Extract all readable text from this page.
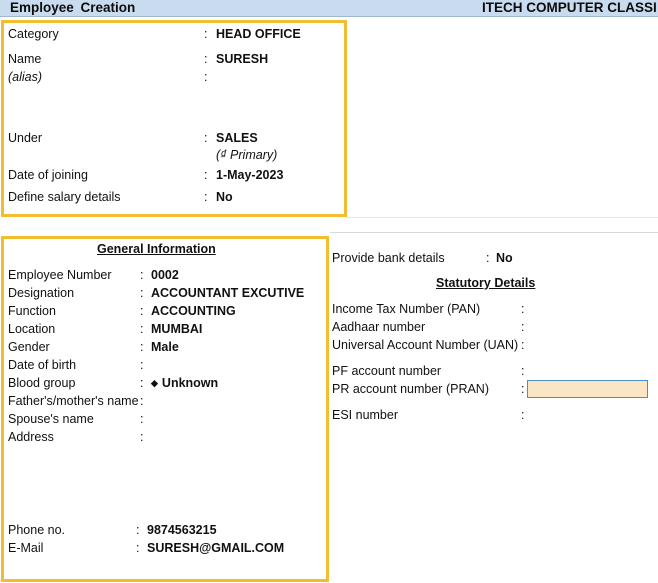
Employee Creation	ITECH COMPUTER CLASSI
Category	: HEAD OFFICE
Name	: SURESH
(alias)	:
Under	: SALES
(₫ Primary)
Date of joining	: 1-May-2023
Define salary details	: No
General Information
Employee Number : 0002
Designation	: ACCOUNTANT EXCUTIVE
Function	: ACCOUNTING
Location	: MUMBAI
Gender	: Male
Date of birth	:
Blood group	: ◆ Unknown
Father's/mother's name :
Spouse's name	:
Address	:
Phone no.	: 9874563215
E-Mail	: SURESH@GMAIL.COM
Provide bank details	: No
Statutory Details
Income Tax Number (PAN)	:
Aadhaar number	:
Universal Account Number (UAN) :
PF account number	:
PR account number (PRAN)	:
ESI number	:
